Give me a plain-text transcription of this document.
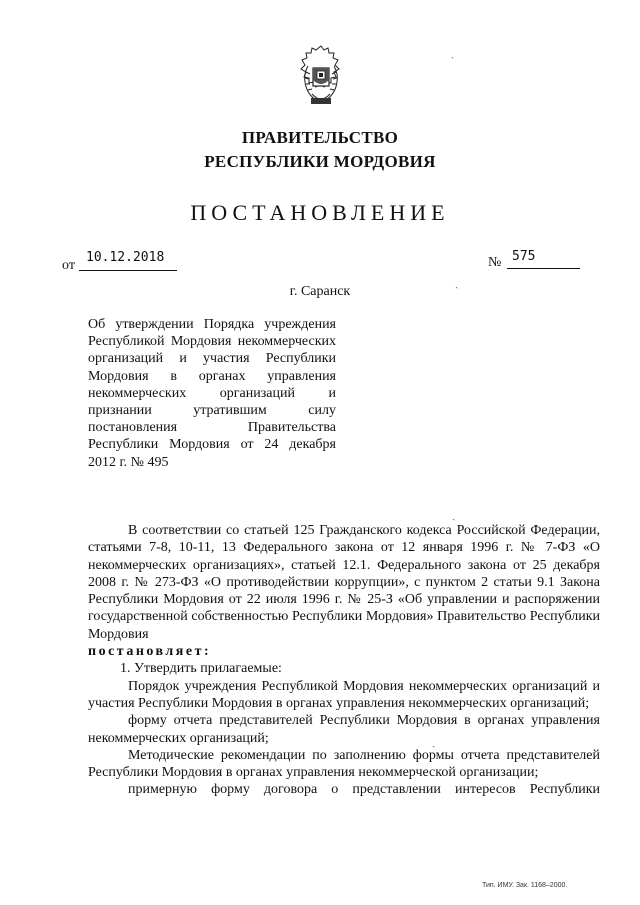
ПРАВИТЕЛЬСТВО
РЕСПУБЛИКИ МОРДОВИЯ
ПОСТАНОВЛЕНИЕ
от
10.12.2018	№ 575
г. Саранск
Об утверждении Порядка учреждения Республикой Мордовия некоммерческих организаций и участия Республики Мордовия в органах управления некоммерческих организаций и признании утратившим силу постановления Правительства Республики Мордовия от 24 декабря 2012 г. № 495

В соответствии со статьей 125 Гражданского кодекса Российской Федерации, статьями 7-8, 10-11, 13 Федерального закона от 12 января 1996 г. № 7-ФЗ «О некоммерческих организациях», статьей 12.1. Федерального закона от 25 декабря 2008 г. № 273-ФЗ «О противодействии коррупции», с пунктом 2 статьи 9.1 Закона Республики Мордовия от 22 июля 1996 г. № 25-З «Об управлении и распоряжении государственной собственностью Республики Мордовия» Правительство Республики Мордовия

постановляет:

1. Утвердить прилагаемые:

Порядок учреждения Республикой Мордовия некоммерческих организаций и участия Республики Мордовия в органах управления некоммерческих организаций;

форму отчета представителей Республики Мордовия в органах управления некоммерческих организаций;

Методические рекомендации по заполнению формы отчета представителей Республики Мордовия в органах управления некоммерческой организации;

примерную форму договора о представлении интересов Республики

ˏ
ˏ
ˏ
ˏ
Тип. ИМУ. Зак. 1168–2000.
